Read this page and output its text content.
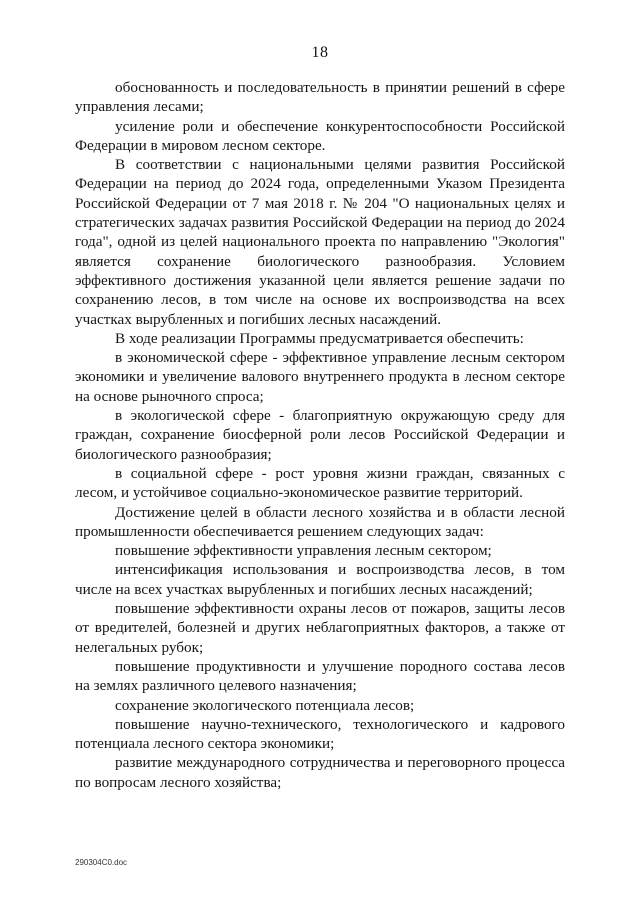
18

обоснованность и последовательность в принятии решений в сфере управления лесами;

усиление роли и обеспечение конкурентоспособности Российской Федерации в мировом лесном секторе.

В соответствии с национальными целями развития Российской Федерации на период до 2024 года, определенными Указом Президента Российской Федерации от 7 мая 2018 г. № 204 "О национальных целях и стратегических задачах развития Российской Федерации на период до 2024 года", одной из целей национального проекта по направлению "Экология" является сохранение биологического разнообразия. Условием эффективного достижения указанной цели является решение задачи по сохранению лесов, в том числе на основе их воспроизводства на всех участках вырубленных и погибших лесных насаждений.

В ходе реализации Программы предусматривается обеспечить:

в экономической сфере - эффективное управление лесным сектором экономики и увеличение валового внутреннего продукта в лесном секторе на основе рыночного спроса;

в экологической сфере - благоприятную окружающую среду для граждан, сохранение биосферной роли лесов Российской Федерации и биологического разнообразия;

в социальной сфере - рост уровня жизни граждан, связанных с лесом, и устойчивое социально-экономическое развитие территорий.

Достижение целей в области лесного хозяйства и в области лесной промышленности обеспечивается решением следующих задач:

повышение эффективности управления лесным сектором;

интенсификация использования и воспроизводства лесов, в том числе на всех участках вырубленных и погибших лесных насаждений;

повышение эффективности охраны лесов от пожаров, защиты лесов от вредителей, болезней и других неблагоприятных факторов, а также от нелегальных рубок;

повышение продуктивности и улучшение породного состава лесов на землях различного целевого назначения;

сохранение экологического потенциала лесов;

повышение научно-технического, технологического и кадрового потенциала лесного сектора экономики;

развитие международного сотрудничества и переговорного процесса по вопросам лесного хозяйства;

290304C0.doc
